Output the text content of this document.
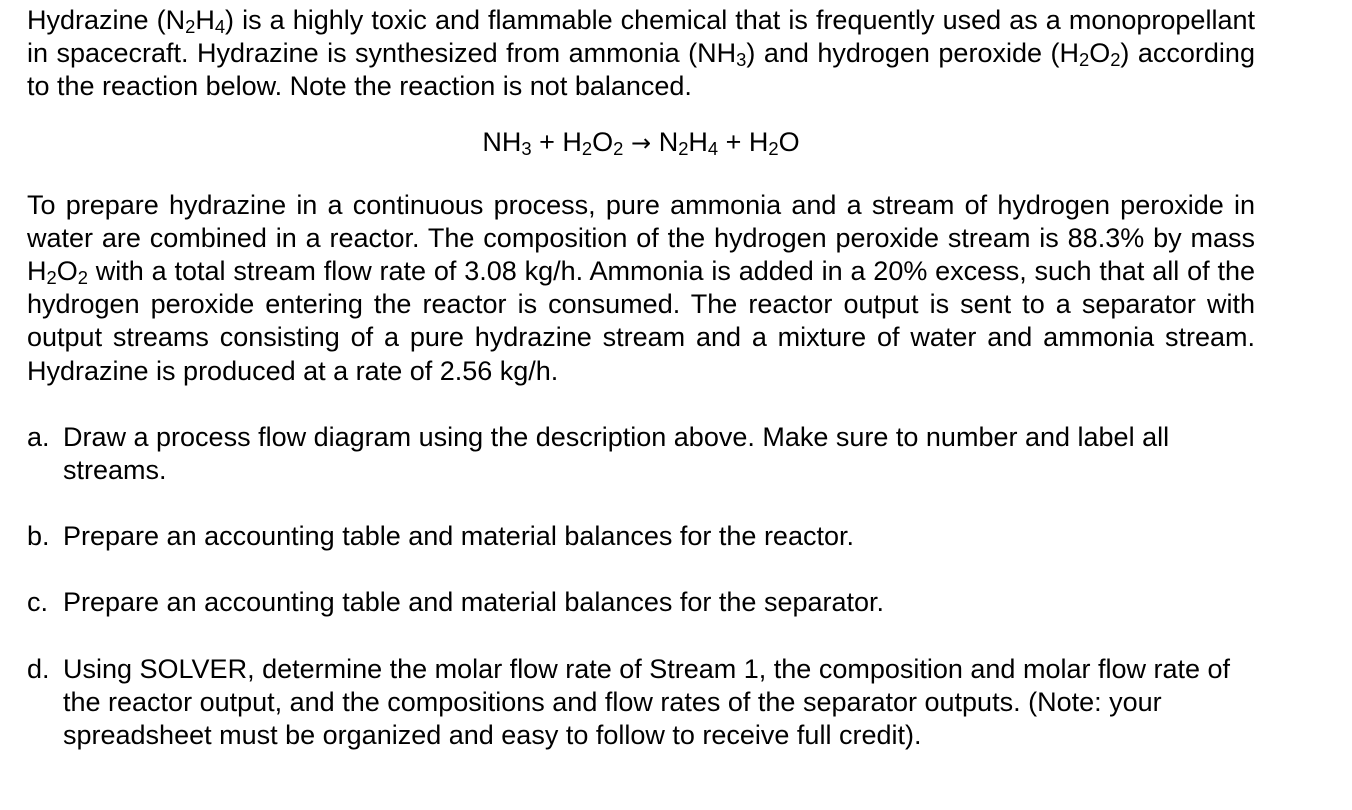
Hydrazine $(N_2H_4)$ is a highly toxic and flammable chemical that is frequently used as a monopropellant in spacecraft. Hydrazine is synthesized from ammonia $(NH_3)$ and hydrogen peroxide $(H_2O_2)$ according to the reaction below. Note the reaction is not balanced.

$NH_3 + H_2O_2 \to N_2H_4 + H_2O$

To prepare hydrazine in a continuous process, pure ammonia and a stream of hydrogen peroxide in water are combined in a reactor. The composition of the hydrogen peroxide stream is 88.3% by mass $H_2O_2$ with a total stream flow rate of 3.08 kg/h. Ammonia is added in a 20% excess, such that all of the hydrogen peroxide entering the reactor is consumed. The reactor output is sent to a separator with output streams consisting of a pure hydrazine stream and a mixture of water and ammonia stream. Hydrazine is produced at a rate of 2.56 kg/h.

a. Draw a process flow diagram using the description above. Make sure to number and label all streams.
b. Prepare an accounting table and material balances for the reactor.
c. Prepare an accounting table and material balances for the separator.
d. Using SOLVER, determine the molar flow rate of Stream 1, the composition and molar flow rate of the reactor output, and the compositions and flow rates of the separator outputs. (Note: your spreadsheet must be organized and easy to follow to receive full credit).
